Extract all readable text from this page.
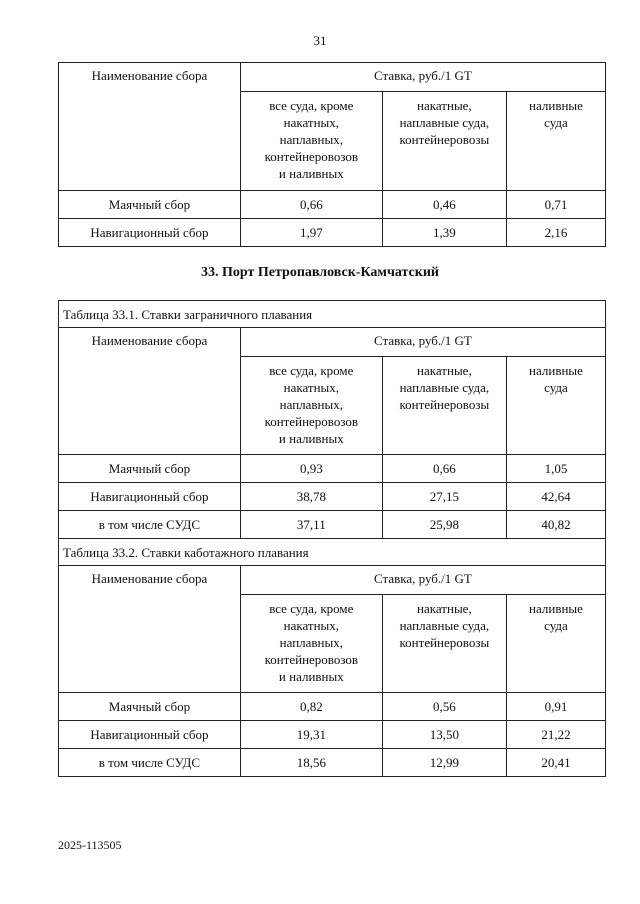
31
Наименование сбора	Ставка, руб./1 GT		
	все суда, кроме
накатных,
наплавных,
контейнеровозов
и наливных	накатные,
наплавные суда,
контейнеровозы	наливные
суда
Маячный сбор	0,66	0,46	0,71
Навигационный сбор	1,97	1,39	2,16
33. Порт Петропавловск-Камчатский
Таблица 33.1. Ставки заграничного плавания			
Наименование сбора	Ставка, руб./1 GT		
	все суда, кроме
накатных,
наплавных,
контейнеровозов
и наливных	накатные,
наплавные суда,
контейнеровозы	наливные
суда
Маячный сбор	0,93	0,66	1,05
Навигационный сбор	38,78	27,15	42,64
в том числе СУДС	37,11	25,98	40,82
Таблица 33.2. Ставки каботажного плавания			
Наименование сбора	Ставка, руб./1 GT		
	все суда, кроме
накатных,
наплавных,
контейнеровозов
и наливных	накатные,
наплавные суда,
контейнеровозы	наливные
суда
Маячный сбор	0,82	0,56	0,91
Навигационный сбор	19,31	13,50	21,22
в том числе СУДС	18,56	12,99	20,41
2025-113505
